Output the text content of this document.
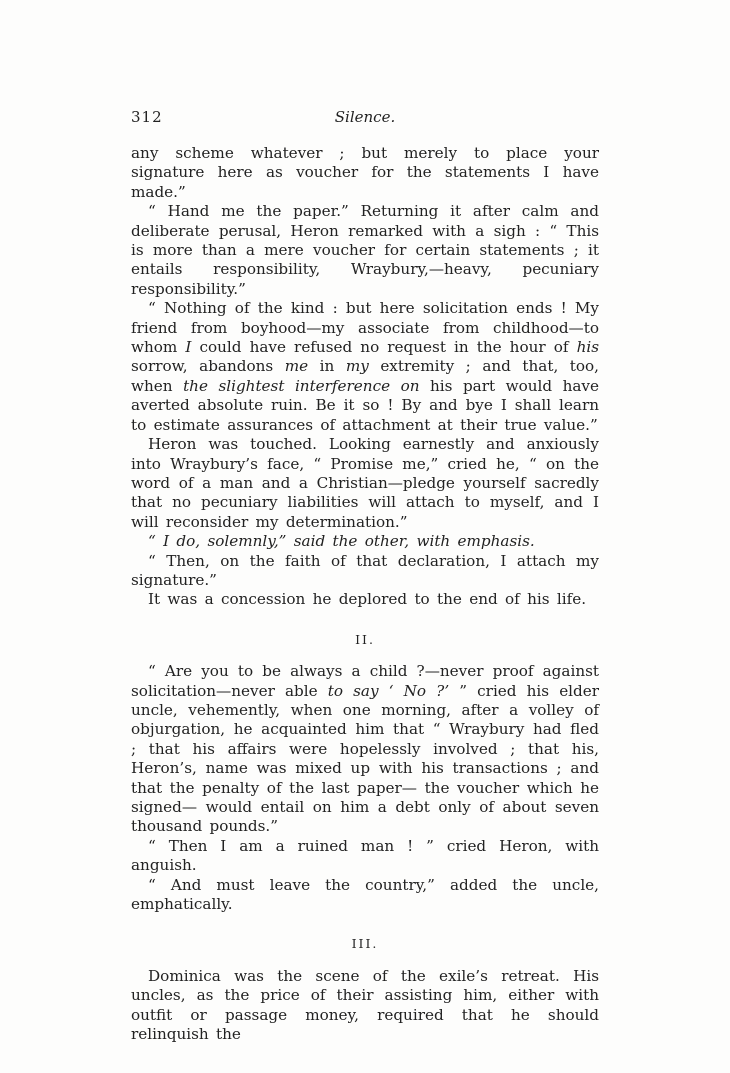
312	Silence.

any scheme whatever ; but merely to place your signature here as voucher for the statements I have made.”

“ Hand me the paper.” Returning it after calm and deliberate perusal, Heron remarked with a sigh : “ This is more than a mere voucher for certain statements ; it entails responsibility, Wraybury,—heavy, pecuniary responsibility.”

“ Nothing of the kind : but here solicitation ends ! My friend from boyhood—my associate from childhood—to whom I could have refused no request in the hour of his sorrow, abandons me in my extremity ; and that, too, when the slightest interference on his part would have averted absolute ruin. Be it so ! By and bye I shall learn to estimate assurances of attachment at their true value.”

Heron was touched. Looking earnestly and anxiously into Wraybury’s face, “ Promise me,” cried he, “ on the word of a man and a Christian—pledge yourself sacredly that no pecuniary liabilities will attach to myself, and I will reconsider my determination.”

“ I do, solemnly,” said the other, with emphasis.

“ Then, on the faith of that declaration, I attach my signature.”

It was a concession he deplored to the end of his life.

II.

“ Are you to be always a child ?—never proof against solicitation—never able to say ‘ No ?’ ” cried his elder uncle, vehemently, when one morning, after a volley of objurgation, he acquainted him that “ Wraybury had fled ; that his affairs were hopelessly involved ; that his, Heron’s, name was mixed up with his transactions ; and that the penalty of the last paper— the voucher which he signed— would entail on him a debt only of about seven thousand pounds.”

“ Then I am a ruined man ! ” cried Heron, with anguish.

“ And must leave the country,” added the uncle, emphatically.

III.

Dominica was the scene of the exile’s retreat. His uncles, as the price of their assisting him, either with outfit or passage money, required that he should relinquish the
